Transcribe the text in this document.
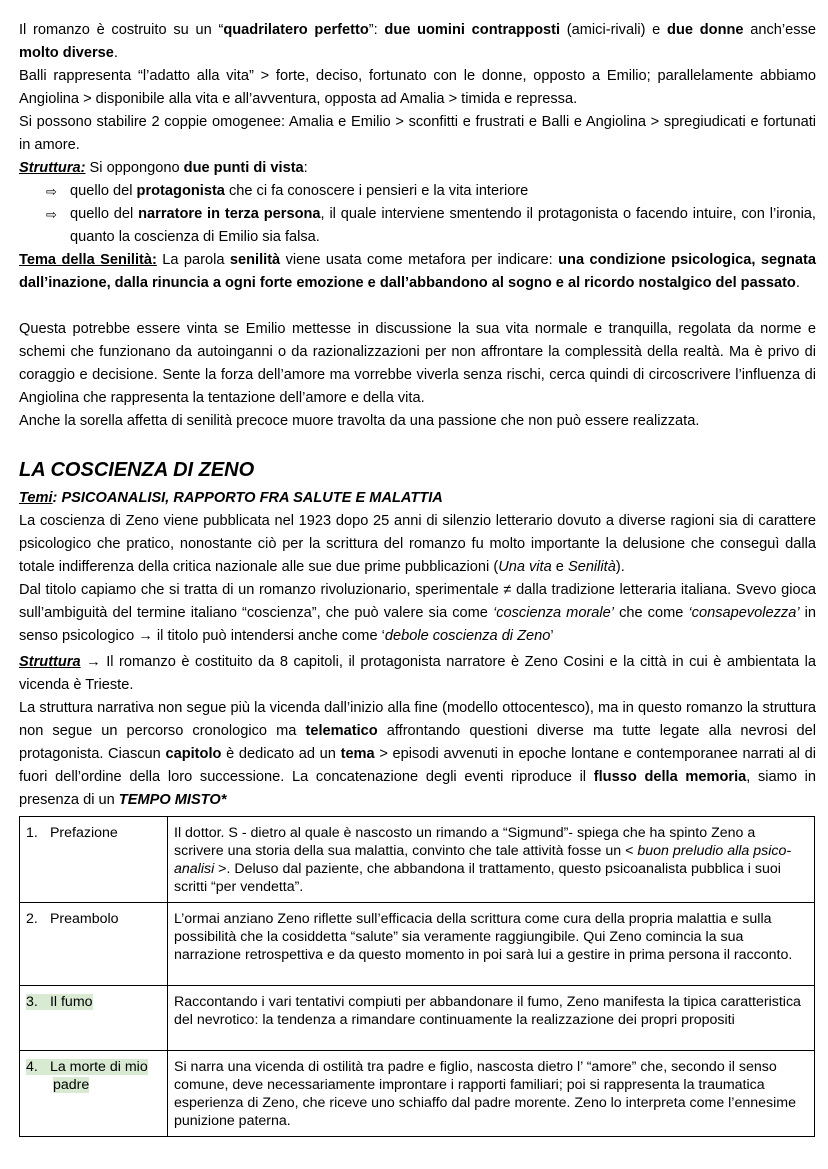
Il romanzo è costruito su un “quadrilatero perfetto”: due uomini contrapposti (amici-rivali) e due donne anch’esse molto diverse.

Balli rappresenta “l’adatto alla vita” > forte, deciso, fortunato con le donne, opposto a Emilio; parallelamente abbiamo Angiolina > disponibile alla vita e all’avventura, opposta ad Amalia > timida e repressa.

Si possono stabilire 2 coppie omogenee: Amalia e Emilio > sconfitti e frustrati e Balli e Angiolina > spregiudicati e fortunati in amore.

Struttura: Si oppongono due punti di vista:

⇨ quello del protagonista che ci fa conoscere i pensieri e la vita interiore
⇨ quello del narratore in terza persona, il quale interviene smentendo il protagonista o facendo intuire, con l’ironia, quanto la coscienza di Emilio sia falsa.

Tema della Senilità: La parola senilità viene usata come metafora per indicare: una condizione psicologica, segnata dall’inazione, dalla rinuncia a ogni forte emozione e dall’abbandono al sogno e al ricordo nostalgico del passato.

Questa potrebbe essere vinta se Emilio mettesse in discussione la sua vita normale e tranquilla, regolata da norme e schemi che funzionano da autoinganni o da razionalizzazioni per non affrontare la complessità della realtà. Ma è privo di coraggio e decisione. Sente la forza dell’amore ma vorrebbe viverla senza rischi, cerca quindi di circoscrivere l’influenza di Angiolina che rappresenta la tentazione dell’amore e della vita.

Anche la sorella affetta di senilità precoce muore travolta da una passione che non può essere realizzata.

LA COSCIENZA DI ZENO

Temi: PSICOANALISI, RAPPORTO FRA SALUTE E MALATTIA

La coscienza di Zeno viene pubblicata nel 1923 dopo 25 anni di silenzio letterario dovuto a diverse ragioni sia di carattere psicologico che pratico, nonostante ciò per la scrittura del romanzo fu molto importante la delusione che conseguì dalla totale indifferenza della critica nazionale alle sue due prime pubblicazioni (Una vita e Senilità).

Dal titolo capiamo che si tratta di un romanzo rivoluzionario, sperimentale ≠ dalla tradizione letteraria italiana. Svevo gioca sull’ambiguità del termine italiano “coscienza”, che può valere sia come ‘coscienza morale’ che come ‘consapevolezza’ in senso psicologico → il titolo può intendersi anche come ‘debole coscienza di Zeno’

Struttura → Il romanzo è costituito da 8 capitoli, il protagonista narratore è Zeno Cosini e la città in cui è ambientata la vicenda è Trieste.

La struttura narrativa non segue più la vicenda dall’inizio alla fine (modello ottocentesco), ma in questo romanzo la struttura non segue un percorso cronologico ma telematico affrontando questioni diverse ma tutte legate alla nevrosi del protagonista. Ciascun capitolo è dedicato ad un tema > episodi avvenuti in epoche lontane e contemporanee narrati al di fuori dell’ordine della loro successione. La concatenazione degli eventi riproduce il flusso della memoria, siamo in presenza di un TEMPO MISTO*

1. Prefazione	Il dottor. S - dietro al quale è nascosto un rimando a “Sigmund”- spiega che ha spinto Zeno a scrivere una storia della sua malattia, convinto che tale attività fosse un < buon preludio alla psico-analisi >. Deluso dal paziente, che abbandona il trattamento, questo psicoanalista pubblica i suoi scritti “per vendetta”.
2. Preambolo	L’ormai anziano Zeno riflette sull’efficacia della scrittura come cura della propria malattia e sulla possibilità che la cosiddetta “salute” sia veramente raggiungibile. Qui Zeno comincia la sua narrazione retrospettiva e da questo momento in poi sarà lui a gestire in prima persona il racconto.
3. Il fumo	Raccontando i vari tentativi compiuti per abbandonare il fumo, Zeno manifesta la tipica caratteristica del nevrotico: la tendenza a rimandare continuamente la realizzazione dei propri propositi
4. La morte di mio
padre	Si narra una vicenda di ostilità tra padre e figlio, nascosta dietro l’ “amore” che, secondo il senso comune, deve necessariamente improntare i rapporti familiari; poi si rappresenta la traumatica esperienza di Zeno, che riceve uno schiaffo dal padre morente. Zeno lo interpreta come l’ennesime punizione paterna.
